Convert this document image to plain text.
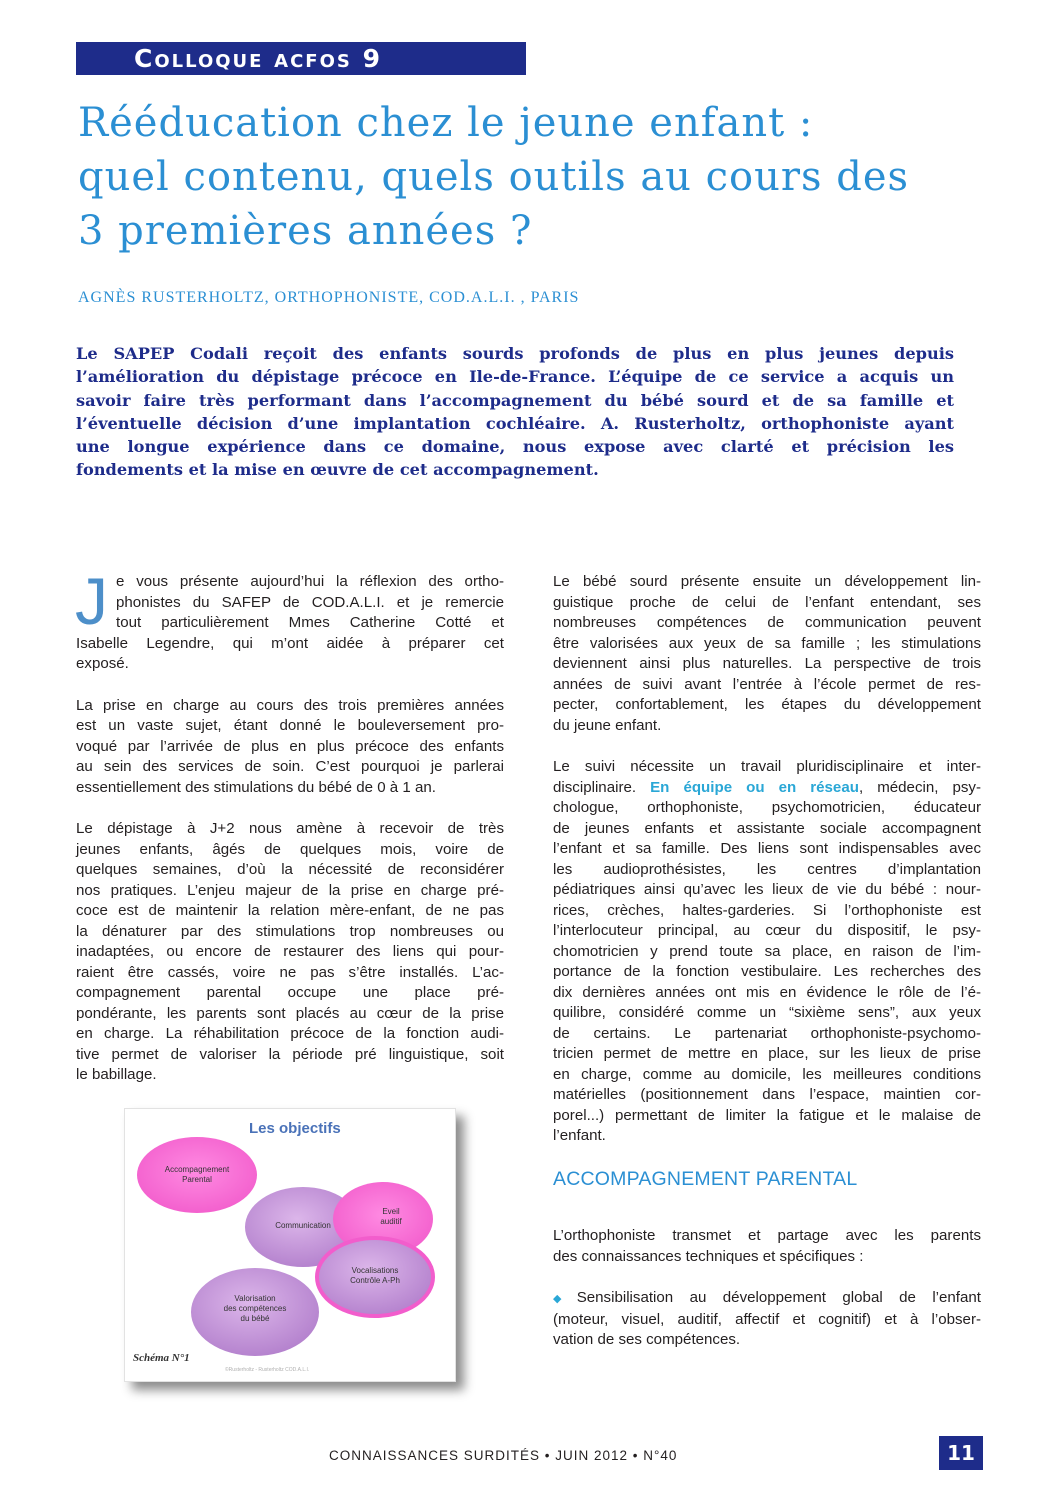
Colloque acfos 9
Rééducation chez le jeune enfant :
quel contenu, quels outils au cours des
3 premières années ?
AGNÈS RUSTERHOLTZ, ORTHOPHONISTE, COD.A.L.I. , PARIS
Le SAPEP Codali reçoit des enfants sourds profonds de plus en plus jeunes depuis
l’amélioration du dépistage précoce en Ile-de-France. L’équipe de ce service a acquis un
savoir faire très performant dans l’accompagnement du bébé sourd et de sa famille et
l’éventuelle décision d’une implantation cochléaire. A. Rusterholtz, orthophoniste ayant
une longue expérience dans ce domaine, nous expose avec clarté et précision les
fondements et la mise en œuvre de cet accompagnement.
J e vous présente aujourd’hui la réflexion des ortho-
phonistes du SAFEP de COD.A.L.I. et je remercie
tout particulièrement Mmes Catherine Cotté et
Isabelle Legendre, qui m’ont aidée à préparer cet
exposé.

La prise en charge au cours des trois premières années
est un vaste sujet, étant donné le bouleversement pro-
voqué par l’arrivée de plus en plus précoce des enfants
au sein des services de soin. C’est pourquoi je parlerai
essentiellement des stimulations du bébé de 0 à 1 an.

Le dépistage à J+2 nous amène à recevoir de très
jeunes enfants, âgés de quelques mois, voire de
quelques semaines, d’où la nécessité de reconsidérer
nos pratiques. L’enjeu majeur de la prise en charge pré-
coce est de maintenir la relation mère-enfant, de ne pas
la dénaturer par des stimulations trop nombreuses ou
inadaptées, ou encore de restaurer des liens qui pour-
raient être cassés, voire ne pas s’être installés. L’ac-
compagnement parental occupe une place pré-
pondérante, les parents sont placés au cœur de la prise
en charge. La réhabilitation précoce de la fonction audi-
tive permet de valoriser la période pré linguistique, soit
le babillage.

Les objectifs
Accompagnement
Parental
Communication
Valorisation
des compétences
du bébé
Eveil
auditif
Vocalisations
Contrôle A-Ph
Schéma N°1
©Rusterholtz - Rusterholtz COD.A.L.I.

Le bébé sourd présente ensuite un développement lin-
guistique proche de celui de l’enfant entendant, ses
nombreuses compétences de communication peuvent
être valorisées aux yeux de sa famille ; les stimulations
deviennent ainsi plus naturelles. La perspective de trois
années de suivi avant l’entrée à l’école permet de res-
pecter, confortablement, les étapes du développement
du jeune enfant.

Le suivi nécessite un travail pluridisciplinaire et inter-
disciplinaire. En équipe ou en réseau, médecin, psy-
chologue, orthophoniste, psychomotricien, éducateur
de jeunes enfants et assistante sociale accompagnent
l’enfant et sa famille. Des liens sont indispensables avec
les audioprothésistes, les centres d’implantation
pédiatriques ainsi qu’avec les lieux de vie du bébé : nour-
rices, crèches, haltes-garderies. Si l’orthophoniste est
l’interlocuteur principal, au cœur du dispositif, le psy-
chomotricien y prend toute sa place, en raison de l’im-
portance de la fonction vestibulaire. Les recherches des
dix dernières années ont mis en évidence le rôle de l’é-
quilibre, considéré comme un “sixième sens”, aux yeux
de certains. Le partenariat orthophoniste-psychomo-
tricien permet de mettre en place, sur les lieux de prise
en charge, comme au domicile, les meilleures conditions
matérielles (positionnement dans l’espace, maintien cor-
porel...) permettant de limiter la fatigue et le malaise de
l’enfant.

ACCOMPAGNEMENT PARENTAL

L’orthophoniste transmet et partage avec les parents
des connaissances techniques et spécifiques :

◆ Sensibilisation au développement global de l’enfant
(moteur, visuel, auditif, affectif et cognitif) et à l’obser-
vation de ses compétences.

CONNAISSANCES SURDITÉS • JUIN 2012 • N°40	11
